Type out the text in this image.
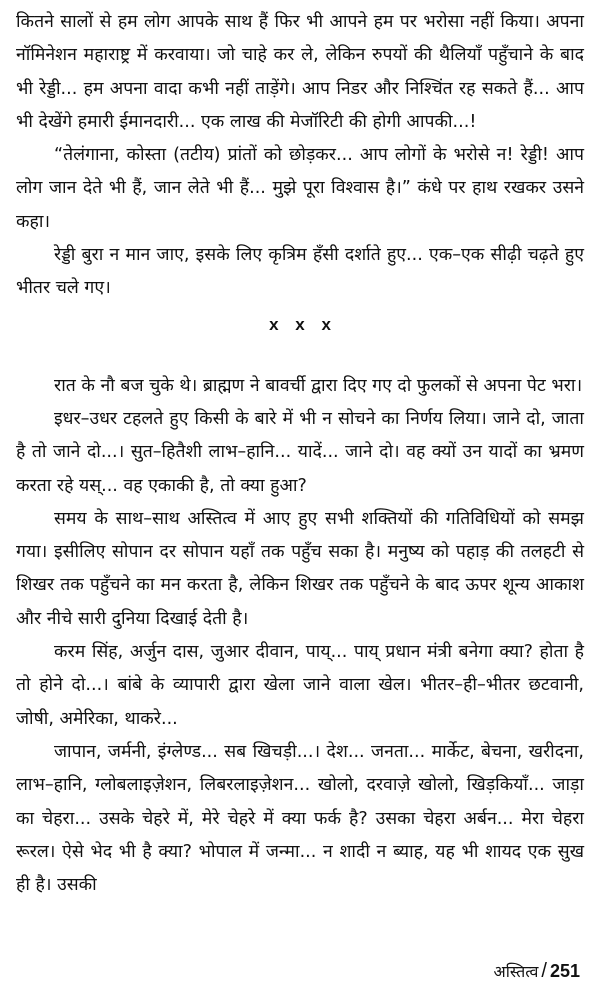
कितने सालों से हम लोग आपके साथ हैं फिर भी आपने हम पर भरोसा नहीं किया। अपना नॉमिनेशन महाराष्ट्र में करवाया। जो चाहे कर ले, लेकिन रुपयों की थैलियाँ पहुँचाने के बाद भी रेड्डी... हम अपना वादा कभी नहीं ताड़ेंगे। आप निडर और निश्चिंत रह सकते हैं... आप भी देखेंगे हमारी ईमानदारी... एक लाख की मेजॉरिटी की होगी आपकी...!

“तेलंगाना, कोस्ता (तटीय) प्रांतों को छोड़कर... आप लोगों के भरोसे न! रेड्डी! आप लोग जान देते भी हैं, जान लेते भी हैं... मुझे पूरा विश्वास है।” कंधे पर हाथ रखकर उसने कहा।

रेड्डी बुरा न मान जाए, इसके लिए कृत्रिम हँसी दर्शाते हुए... एक–एक सीढ़ी चढ़ते हुए भीतर चले गए।

x x x

रात के नौ बज चुके थे। ब्राह्मण ने बावर्ची द्वारा दिए गए दो फुलकों से अपना पेट भरा।

इधर–उधर टहलते हुए किसी के बारे में भी न सोचने का निर्णय लिया। जाने दो, जाता है तो जाने दो...। सुत–हितैशी लाभ–हानि... यादें... जाने दो। वह क्यों उन यादों का भ्रमण करता रहे यस्... वह एकाकी है, तो क्या हुआ?

समय के साथ–साथ अस्तित्व में आए हुए सभी शक्तियों की गतिविधियों को समझ गया। इसीलिए सोपान दर सोपान यहाँ तक पहुँच सका है। मनुष्य को पहाड़ की तलहटी से शिखर तक पहुँचने का मन करता है, लेकिन शिखर तक पहुँचने के बाद ऊपर शून्य आकाश और नीचे सारी दुनिया दिखाई देती है।

करम सिंह, अर्जुन दास, जुआर दीवान, पाय्... पाय् प्रधान मंत्री बनेगा क्या? होता है तो होने दो...। बांबे के व्यापारी द्वारा खेला जाने वाला खेल। भीतर–ही–भीतर छटवानी, जोषी, अमेरिका, थाकरे...

जापान, जर्मनी, इंग्लेण्ड... सब खिचड़ी...। देश... जनता... मार्केट, बेचना, खरीदना, लाभ–हानि, ग्लोबलाइज़ेशन, लिबरलाइज़ेशन... खोलो, दरवाज़े खोलो, खिड़कियाँ... जाड़ा का चेहरा... उसके चेहरे में, मेरे चेहरे में क्या फर्क है? उसका चेहरा अर्बन... मेरा चेहरा रूरल। ऐसे भेद भी है क्या? भोपाल में जन्मा... न शादी न ब्याह, यह भी शायद एक सुख ही है। उसकी

अस्तित्व / 251
